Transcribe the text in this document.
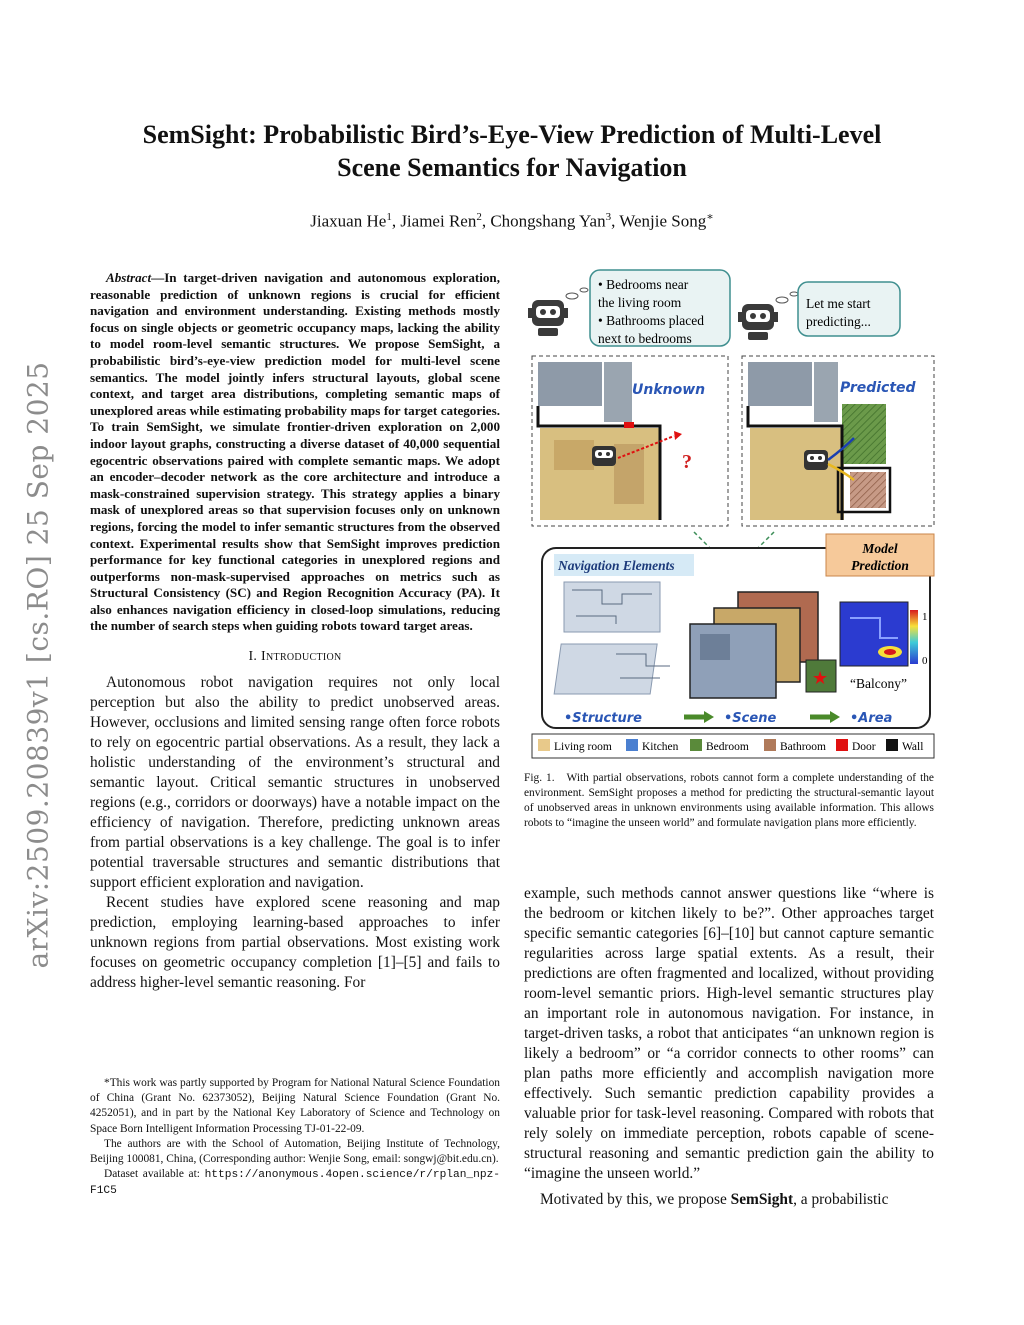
arXiv:2509.20839v1 [cs.RO] 25 Sep 2025
SemSight: Probabilistic Bird’s-Eye-View Prediction of Multi-Level
Scene Semantics for Navigation
Jiaxuan He$^1$, Jiamei Ren$^2$, Chongshang Yan$^3$, Wenjie Song∗

Abstract—In target-driven navigation and autonomous exploration, reasonable prediction of unknown regions is crucial for efficient navigation and environment understanding. Existing methods mostly focus on single objects or geometric occupancy maps, lacking the ability to model room-level semantic structures. We propose SemSight, a probabilistic bird’s-eye-view prediction model for multi-level scene semantics. The model jointly infers structural layouts, global scene context, and target area distributions, completing semantic maps of unexplored areas while estimating probability maps for target categories. To train SemSight, we simulate frontier-driven exploration on 2,000 indoor layout graphs, constructing a diverse dataset of 40,000 sequential egocentric observations paired with complete semantic maps. We adopt an encoder–decoder network as the core architecture and introduce a mask-constrained supervision strategy. This strategy applies a binary mask of unexplored areas so that supervision focuses only on unknown regions, forcing the model to infer semantic structures from the observed context. Experimental results show that SemSight improves prediction performance for key functional categories in unexplored regions and outperforms non-mask-supervised approaches on metrics such as Structural Consistency (SC) and Region Recognition Accuracy (PA). It also enhances navigation efficiency in closed-loop simulations, reducing the number of search steps when guiding robots toward target areas.

I. Introduction

Autonomous robot navigation requires not only local perception but also the ability to predict unobserved areas. However, occlusions and limited sensing range often force robots to rely on egocentric partial observations. As a result, they lack a holistic understanding of the environment’s structural and semantic layout. Critical semantic structures in unobserved regions (e.g., corridors or doorways) have a notable impact on the efficiency of navigation. Therefore, predicting unknown areas from partial observations is a key challenge. The goal is to infer potential traversable structures and semantic distributions that support efficient exploration and navigation.

Recent studies have explored scene reasoning and map prediction, employing learning-based approaches to infer unknown regions from partial observations. Most existing work focuses on geometric occupancy completion [1]–[5] and fails to address higher-level semantic reasoning. For

*This work was partly supported by Program for National Natural Science Foundation of China (Grant No. 62373052), Beijing Natural Science Foundation (Grant No. 4252051), and in part by the National Key Laboratory of Science and Technology on Space Born Intelligent Information Processing TJ-01-22-09.

The authors are with the School of Automation, Beijing Institute of Technology, Beijing 100081, China, (Corresponding author: Wenjie Song, email: songwj@bit.edu.cn).

Dataset available at: https://anonymous.4open.science/r/rplan_npz-F1C5

• Bedrooms near
the living room
• Bathrooms placed
next to bedrooms
Let me start
predicting...
Unknown
?
Predicted
Navigation Elements
Model
Prediction
★
1
0
“Balcony”
•Structure	•Scene	•Area
Living room	Kitchen Bedroom	Bathroom Door Wall
Fig. 1. With partial observations, robots cannot form a complete understanding of the environment. SemSight proposes a method for predicting the structural-semantic layout of unobserved areas in unknown environments using available information. This allows robots to “imagine the unseen world” and formulate navigation plans more efficiently.

example, such methods cannot answer questions like “where is the bedroom or kitchen likely to be?”. Other approaches target specific semantic categories [6]–[10] but cannot capture semantic regularities across large spatial extents. As a result, their predictions are often fragmented and localized, without providing room-level semantic priors. High-level semantic structures play an important role in autonomous navigation. For instance, in target-driven tasks, a robot that anticipates “an unknown region is likely a bedroom” or “a corridor connects to other rooms” can plan paths more efficiently and accomplish navigation more effectively. Such semantic prediction capability provides a valuable prior for task-level reasoning. Compared with robots that rely solely on immediate perception, robots capable of scene-structural reasoning and semantic prediction gain the ability to “imagine the unseen world.”

Motivated by this, we propose SemSight, a probabilistic
